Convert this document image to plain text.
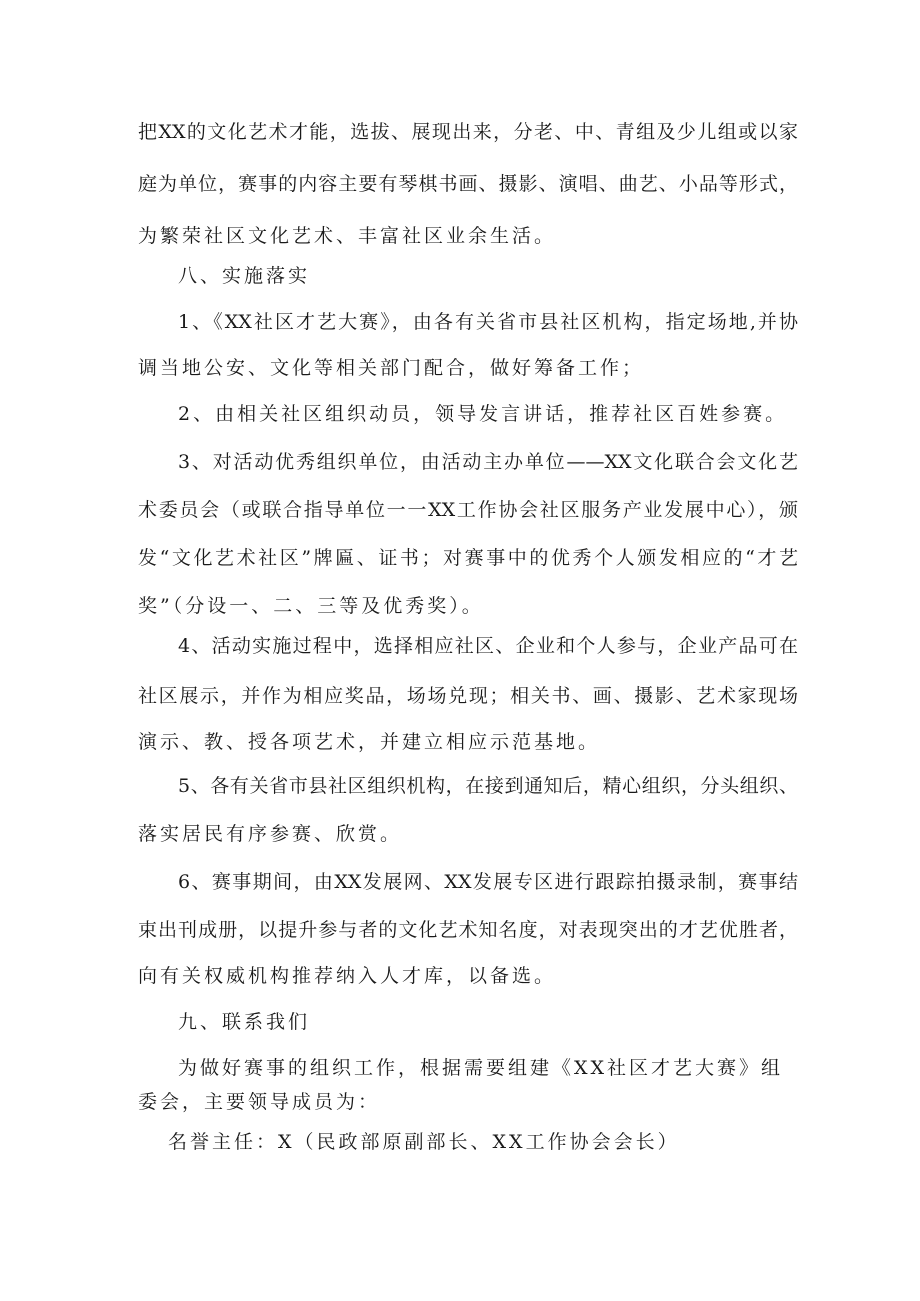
把XX的文化艺术才能，选拔、展现出来，分老、中、青组及少儿组或以家
庭为单位，赛事的内容主要有琴棋书画、摄影、演唱、曲艺、小品等形式，
为繁荣社区文化艺术、丰富社区业余生活。
八、实施落实
1、《XX社区才艺大赛》，由各有关省市县社区机构，指定场地,并协
调当地公安、文化等相关部门配合，做好筹备工作；
2、由相关社区组织动员，领导发言讲话，推荐社区百姓参赛。
3、对活动优秀组织单位，由活动主办单位——XX文化联合会文化艺
术委员会（或联合指导单位一一XX工作协会社区服务产业发展中心），颁
发“文化艺术社区”牌匾、证书；对赛事中的优秀个人颁发相应的“才艺
奖”（分设一、二、三等及优秀奖）。
4、活动实施过程中，选择相应社区、企业和个人参与，企业产品可在
社区展示，并作为相应奖品，场场兑现；相关书、画、摄影、艺术家现场
演示、教、授各项艺术，并建立相应示范基地。
5、各有关省市县社区组织机构，在接到通知后，精心组织，分头组织、
落实居民有序参赛、欣赏。
6、赛事期间，由XX发展网、XX发展专区进行跟踪拍摄录制，赛事结
束出刊成册，以提升参与者的文化艺术知名度，对表现突出的才艺优胜者，
向有关权威机构推荐纳入人才库，以备选。
九、联系我们
为做好赛事的组织工作，根据需要组建《XX社区才艺大赛》组
委会，主要领导成员为：
名誉主任：X（民政部原副部长、XX工作协会会长）
